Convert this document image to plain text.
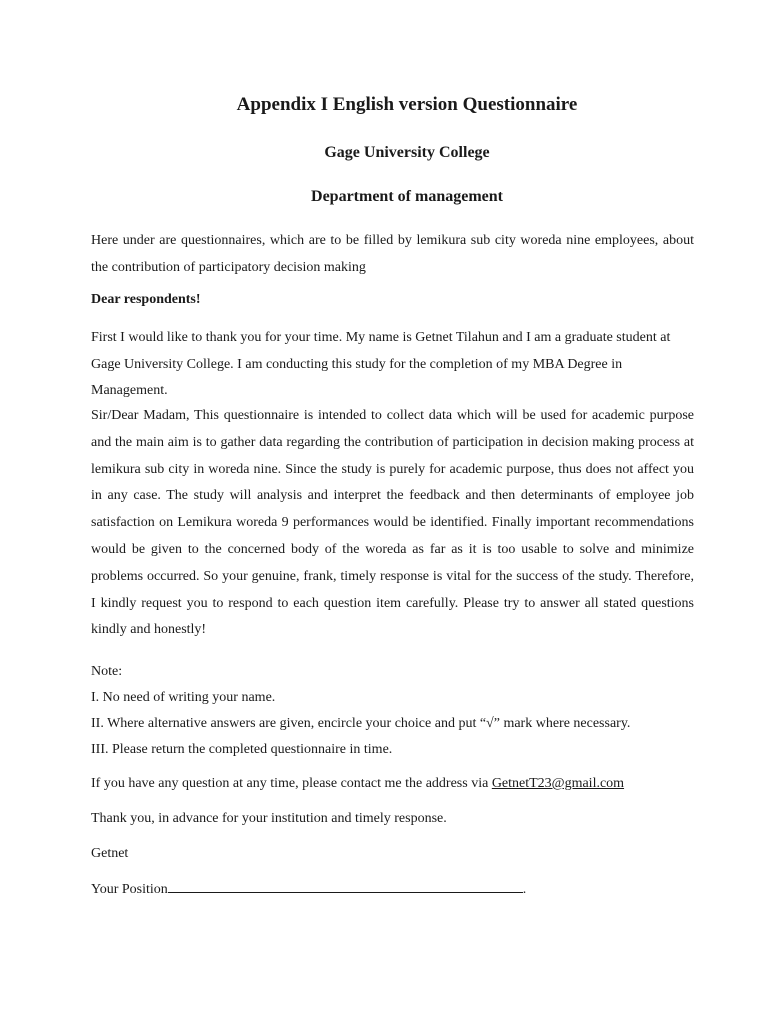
Appendix I English version Questionnaire
Gage University College
Department of management

Here under are questionnaires, which are to be filled by lemikura sub city woreda nine employees, about the contribution of participatory decision making

Dear respondents!

First I would like to thank you for your time. My name is Getnet Tilahun and I am a graduate student at Gage University College. I am conducting this study for the completion of my MBA Degree in Management.

Sir/Dear Madam, This questionnaire is intended to collect data which will be used for academic purpose and the main aim is to gather data regarding the contribution of participation in decision making process at lemikura sub city in woreda nine. Since the study is purely for academic purpose, thus does not affect you in any case. The study will analysis and interpret the feedback and then determinants of employee job satisfaction on Lemikura woreda 9 performances would be identified. Finally important recommendations would be given to the concerned body of the woreda as far as it is too usable to solve and minimize problems occurred. So your genuine, frank, timely response is vital for the success of the study. Therefore, I kindly request you to respond to each question item carefully. Please try to answer all stated questions kindly and honestly!

Note:
I. No need of writing your name.
II. Where alternative answers are given, encircle your choice and put “√” mark where necessary.
III. Please return the completed questionnaire in time.

If you have any question at any time, please contact me the address via GetnetT23@gmail.com

Thank you, in advance for your institution and timely response.

Getnet

Your Position	.
